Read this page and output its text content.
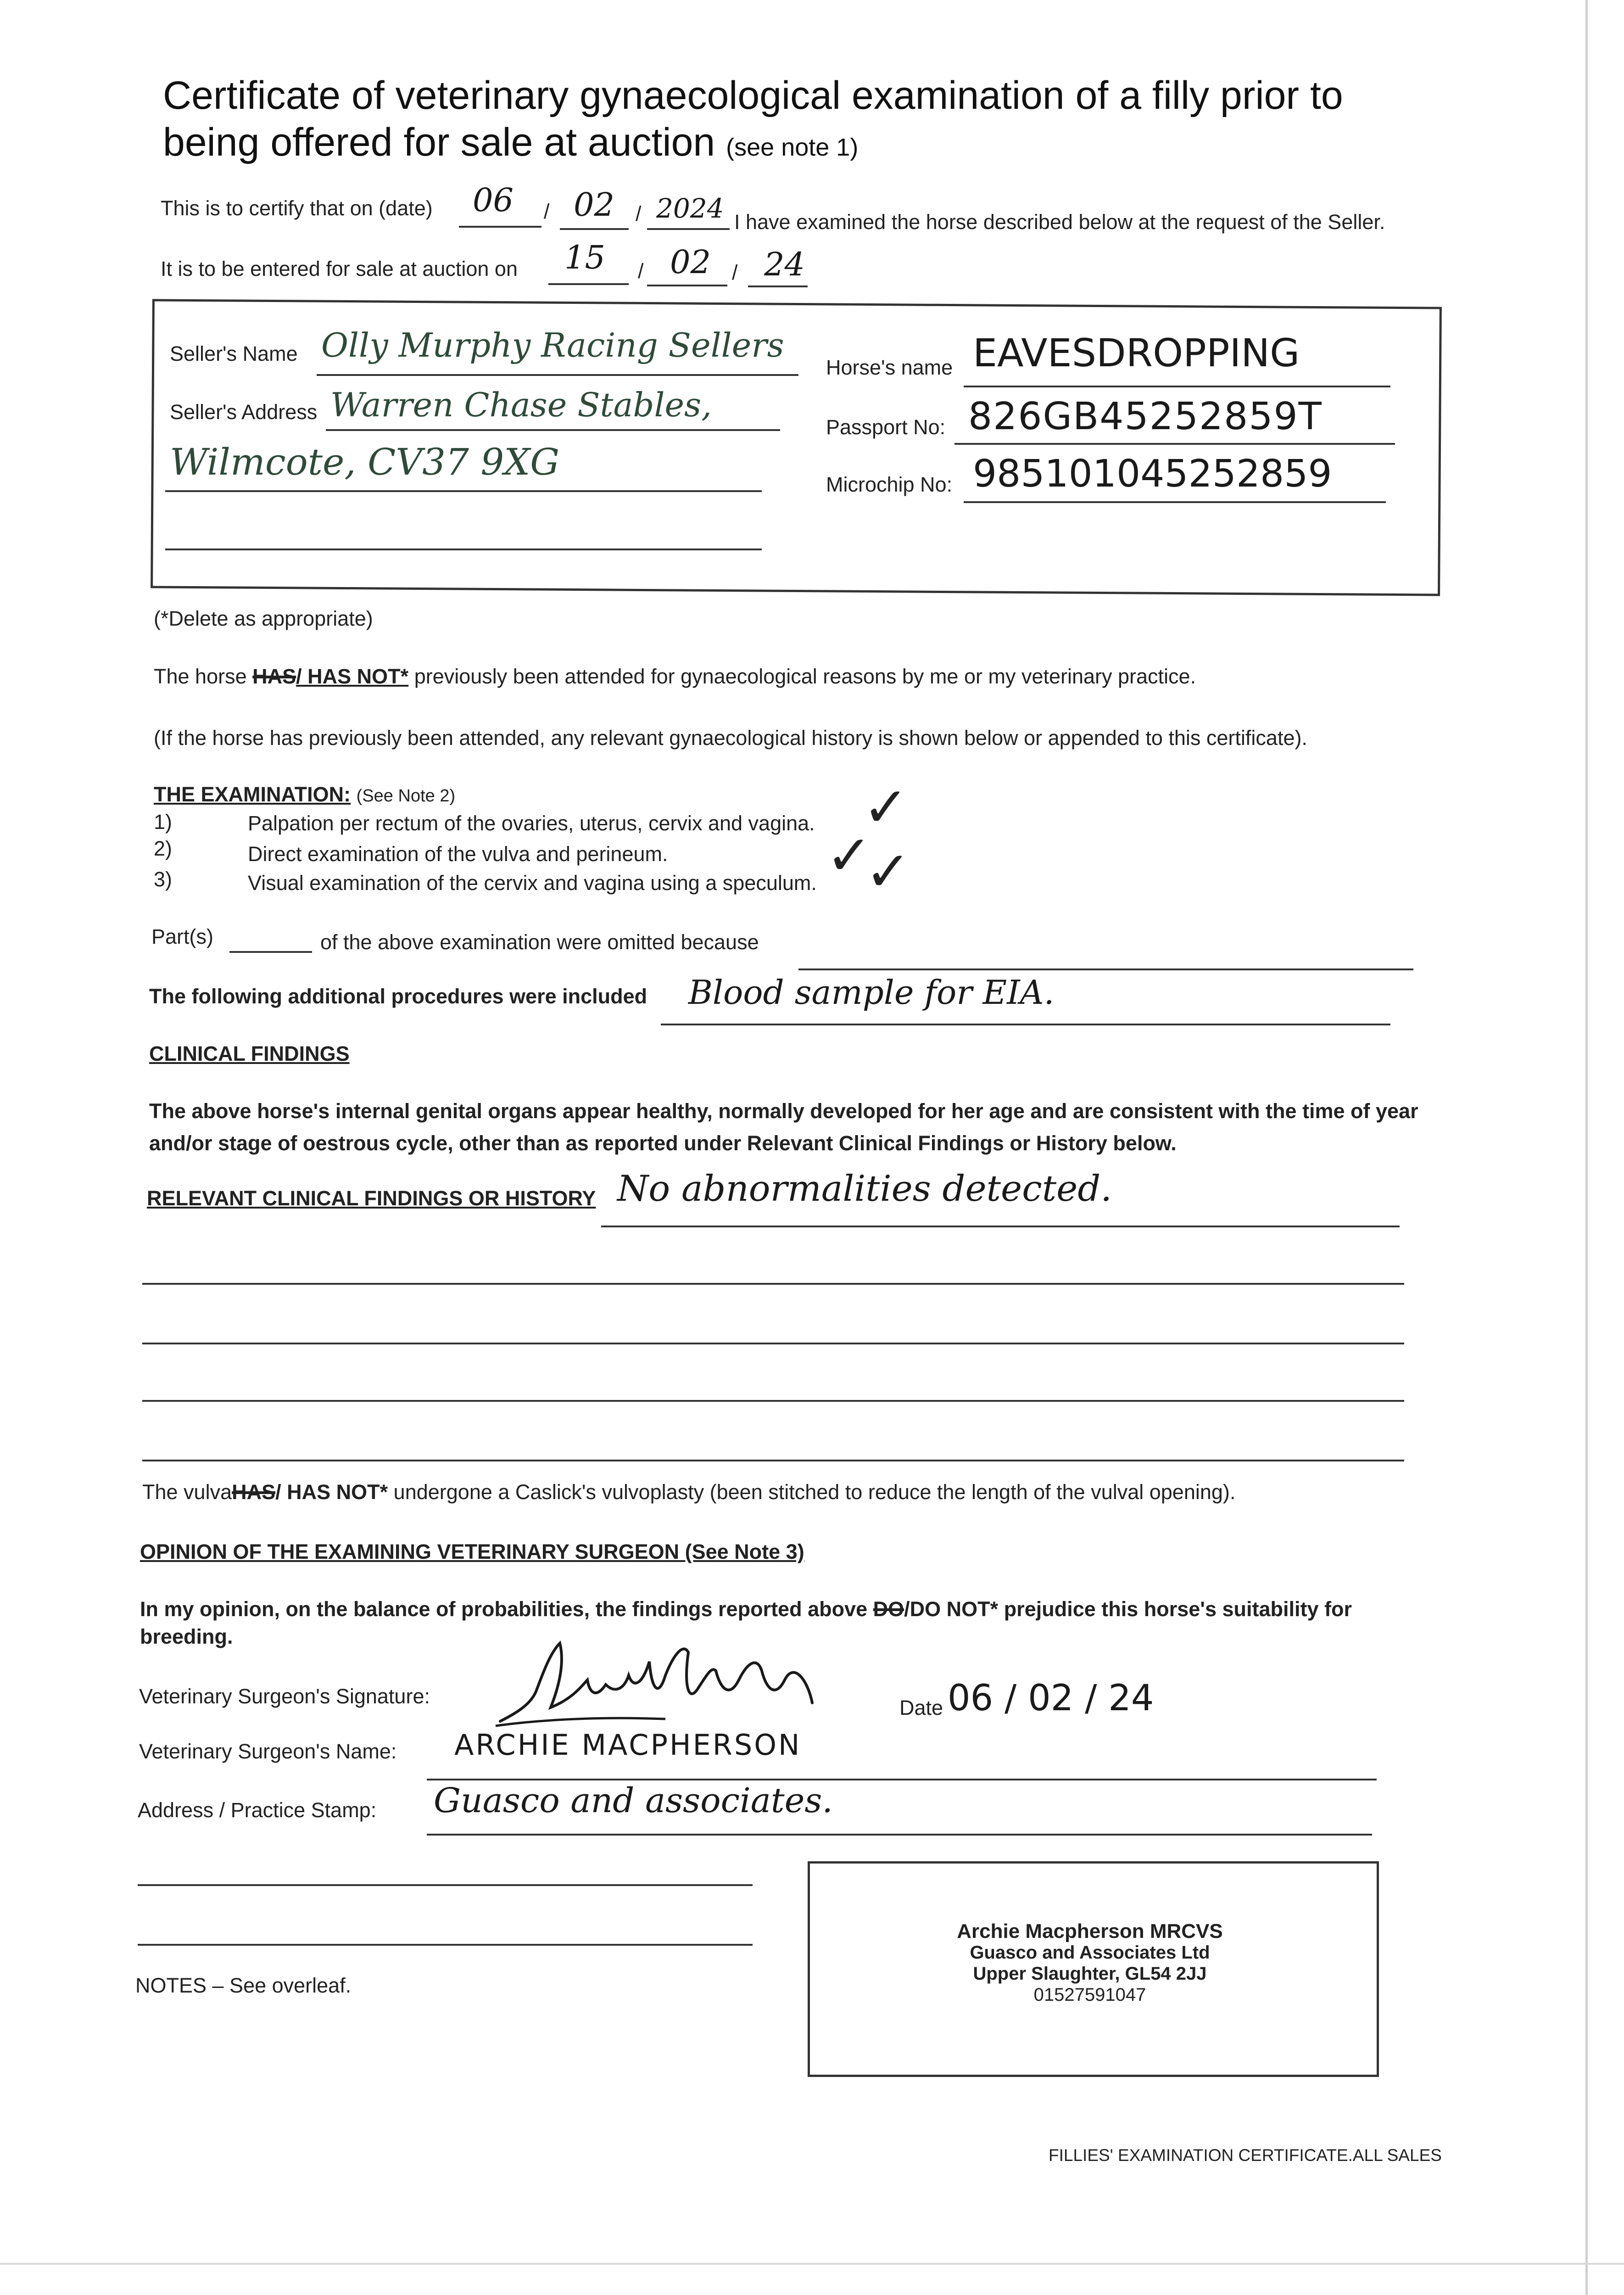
Certificate of veterinary gynaecological examination of a filly prior to
being offered for sale at auction (see note 1)
This is to certify that on (date) 06 / 02 / 2024 I have examined the horse described below at the request of the Seller.
It is to be entered for sale at auction on 15 / 02 / 24
Seller's Name Olly Murphy Racing Sellers
Seller's Address Warren Chase Stables,
Wilmcote, CV37 9XG
Horse's name EAVESDROPPING
Passport No: 826GB45252859T
Microchip No: 985101045252859
(*Delete as appropriate)
The horse HAS/ HAS NOT* previously been attended for gynaecological reasons by me or my veterinary practice.
(If the horse has previously been attended, any relevant gynaecological history is shown below or appended to this certificate).
THE EXAMINATION: (See Note 2)
1)	Palpation per rectum of the ovaries, uterus, cervix and vagina.
2)	Direct examination of the vulva and perineum.
3)	Visual examination of the cervix and vagina using a speculum.
✓
✓
✓
Part(s)	of the above examination were omitted because
The following additional procedures were included Blood sample for EIA.
CLINICAL FINDINGS
The above horse's internal genital organs appear healthy, normally developed for her age and are consistent with the time of year
and/or stage of oestrous cycle, other than as reported under Relevant Clinical Findings or History below.
RELEVANT CLINICAL FINDINGS OR HISTORY No abnormalities detected.
The vulvaHAS/ HAS NOT* undergone a Caslick's vulvoplasty (been stitched to reduce the length of the vulval opening).
OPINION OF THE EXAMINING VETERINARY SURGEON (See Note 3)
In my opinion, on the balance of probabilities, the findings reported above DO/DO NOT* prejudice this horse's suitability for
breeding.
Veterinary Surgeon's Signature:	Date 06 / 02 / 24
Veterinary Surgeon's Name: ARCHIE MACPHERSON
Address / Practice Stamp: Guasco and associates.
NOTES – See overleaf.
Archie Macpherson MRCVS
Guasco and Associates Ltd
Upper Slaughter, GL54 2JJ
01527591047
FILLIES' EXAMINATION CERTIFICATE.ALL SALES
